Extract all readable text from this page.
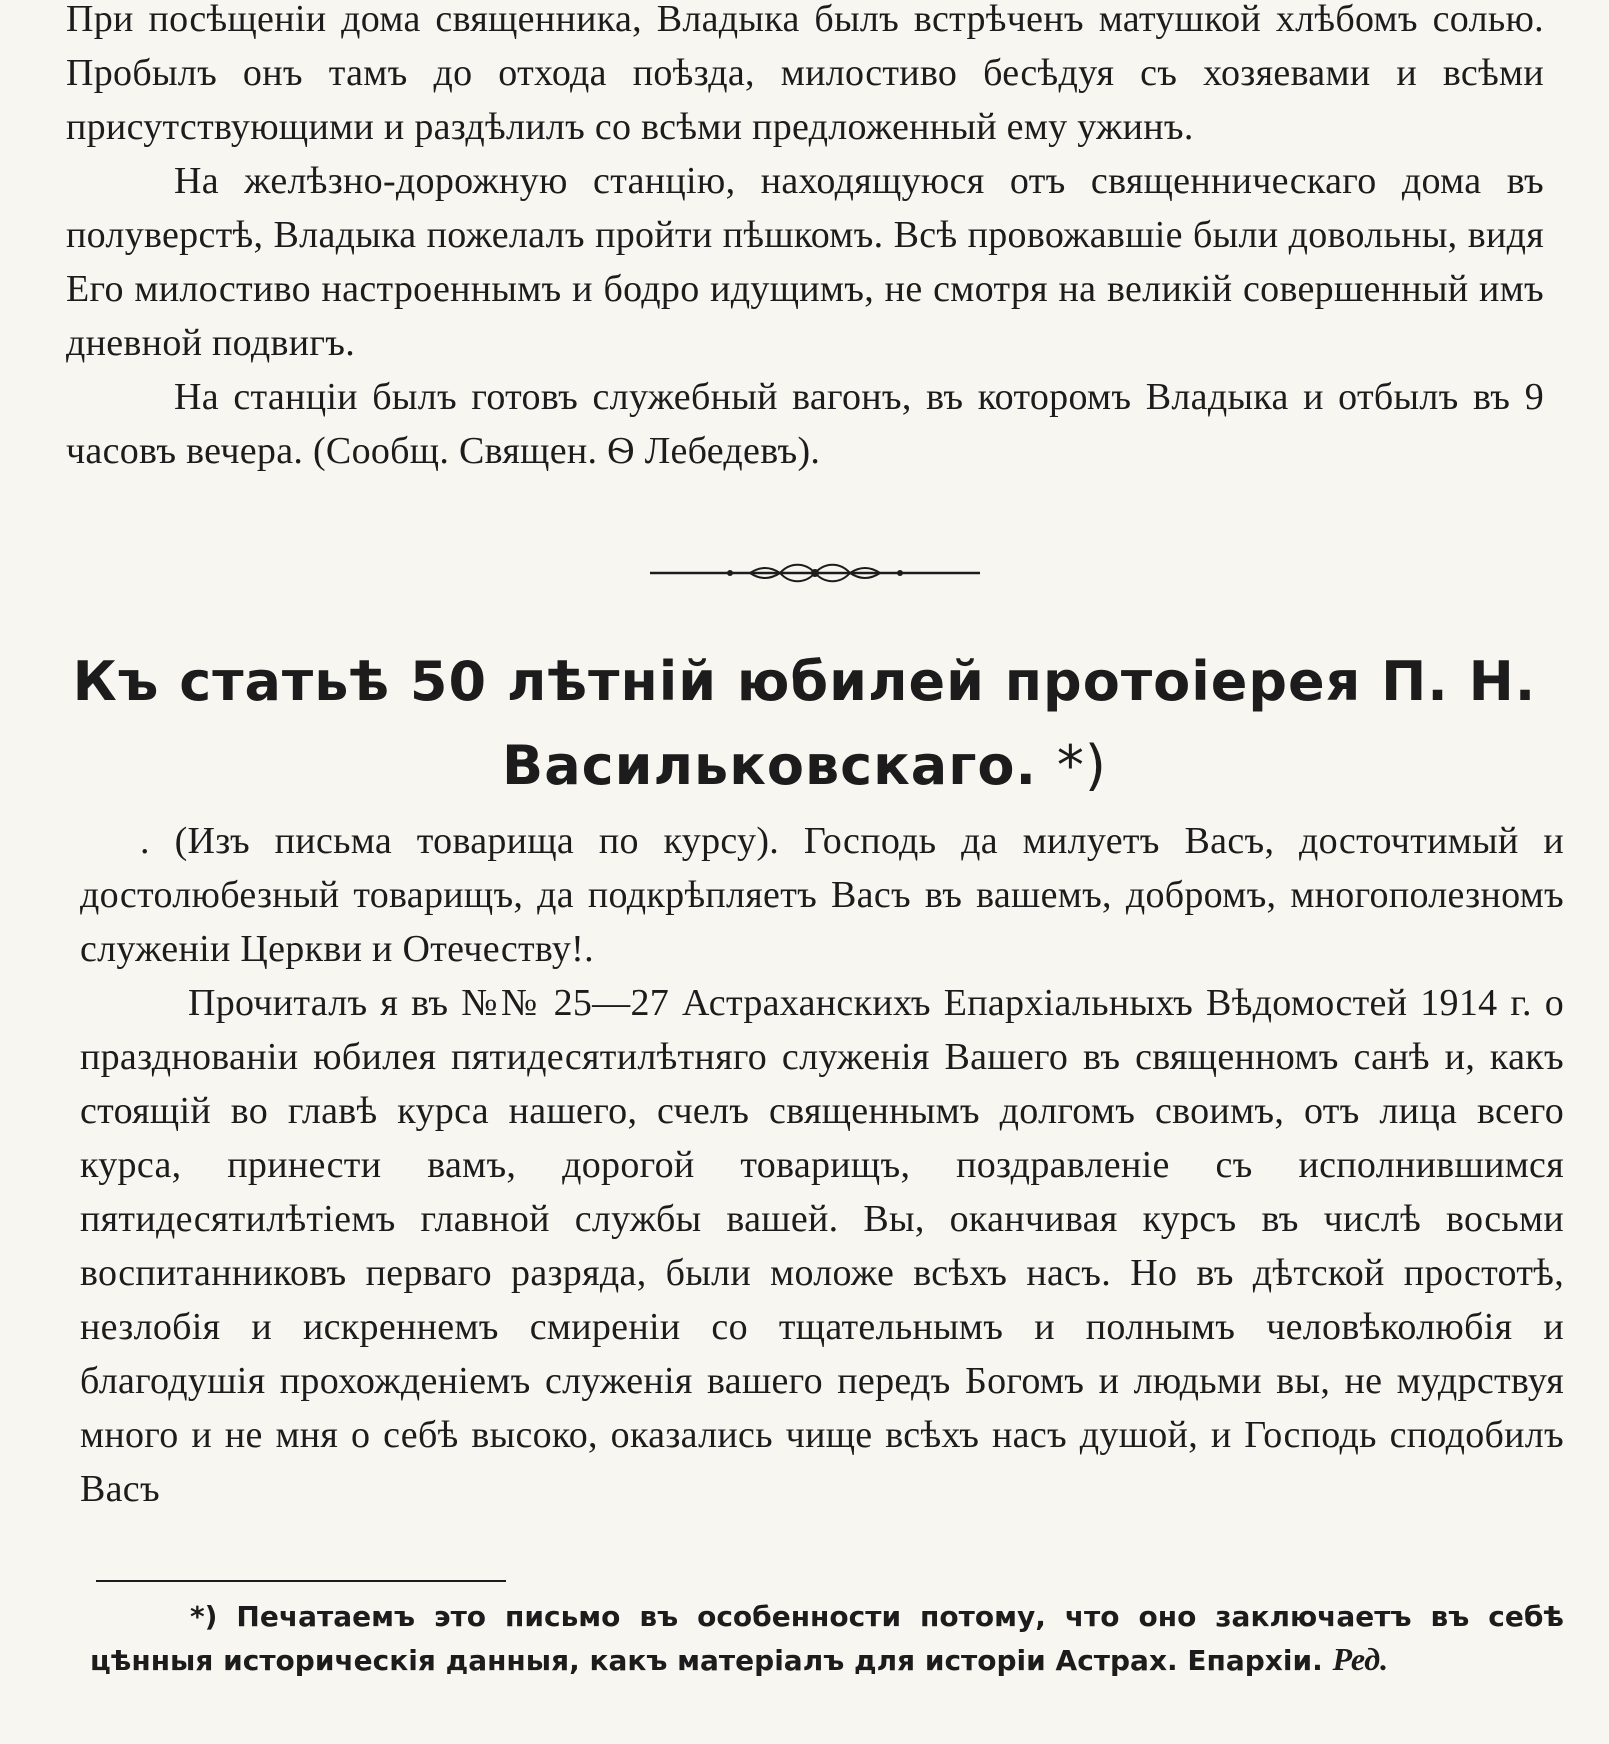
При посѣщенiи дома священника, Владыка былъ встрѣченъ матушкой хлѣбомъ солью. Пробылъ онъ тамъ до отхода поѣзда, милостиво бесѣдуя съ хозяевами и всѣми присутствующими и раздѣлилъ со всѣми предложенный ему ужинъ.

На желѣзно-дорожную станцiю, находящуюся отъ священническаго дома въ полуверстѣ, Владыка пожелалъ пройти пѣшкомъ. Всѣ провожавшiе были довольны, видя Его милостиво настроеннымъ и бодро идущимъ, не смотря на великiй совершенный имъ дневной подвигъ.

На станцiи былъ готовъ служебный вагонъ, въ которомъ Владыка и отбылъ въ 9 часовъ вечера. (Сообщ. Священ. Ѳ Лебедевъ).

Къ статьѣ 50 лѣтнiй юбилей протоiерея П. Н. Васильковскаго. *)

. (Изъ письма товарища по курсу). Господь да милуетъ Васъ, досточтимый и достолюбезный товарищъ, да подкрѣпляетъ Васъ въ вашемъ, добромъ, многополезномъ служенiи Церкви и Отечеству!.

Прочиталъ я въ №№ 25—27 Астраханскихъ Епархiальныхъ Вѣдомостей 1914 г. о празднованiи юбилея пятидесятилѣтняго служенiя Вашего въ священномъ санѣ и, какъ стоящiй во главѣ курса нашего, счелъ священнымъ долгомъ своимъ, отъ лица всего курса, принести вамъ, дорогой товарищъ, поздравленiе съ исполнившимся пятидесятилѣтiемъ главной службы вашей. Вы, оканчивая курсъ въ числѣ восьми воспитанниковъ перваго разряда, были моложе всѣхъ насъ. Но въ дѣтской простотѣ, незлобiя и искреннемъ смиренiи со тщательнымъ и полнымъ человѣколюбiя и благодушiя прохожденiемъ служенiя вашего передъ Богомъ и людьми вы, не мудрствуя много и не мня о себѣ высоко, оказались чище всѣхъ насъ душой, и Господь сподобилъ Васъ

*) Печатаемъ это письмо въ особенности потому, что оно заключаетъ въ себѣ цѣнныя историческiя данныя, какъ матерiалъ для исторiи Астрах. Епархiи. Ред.
